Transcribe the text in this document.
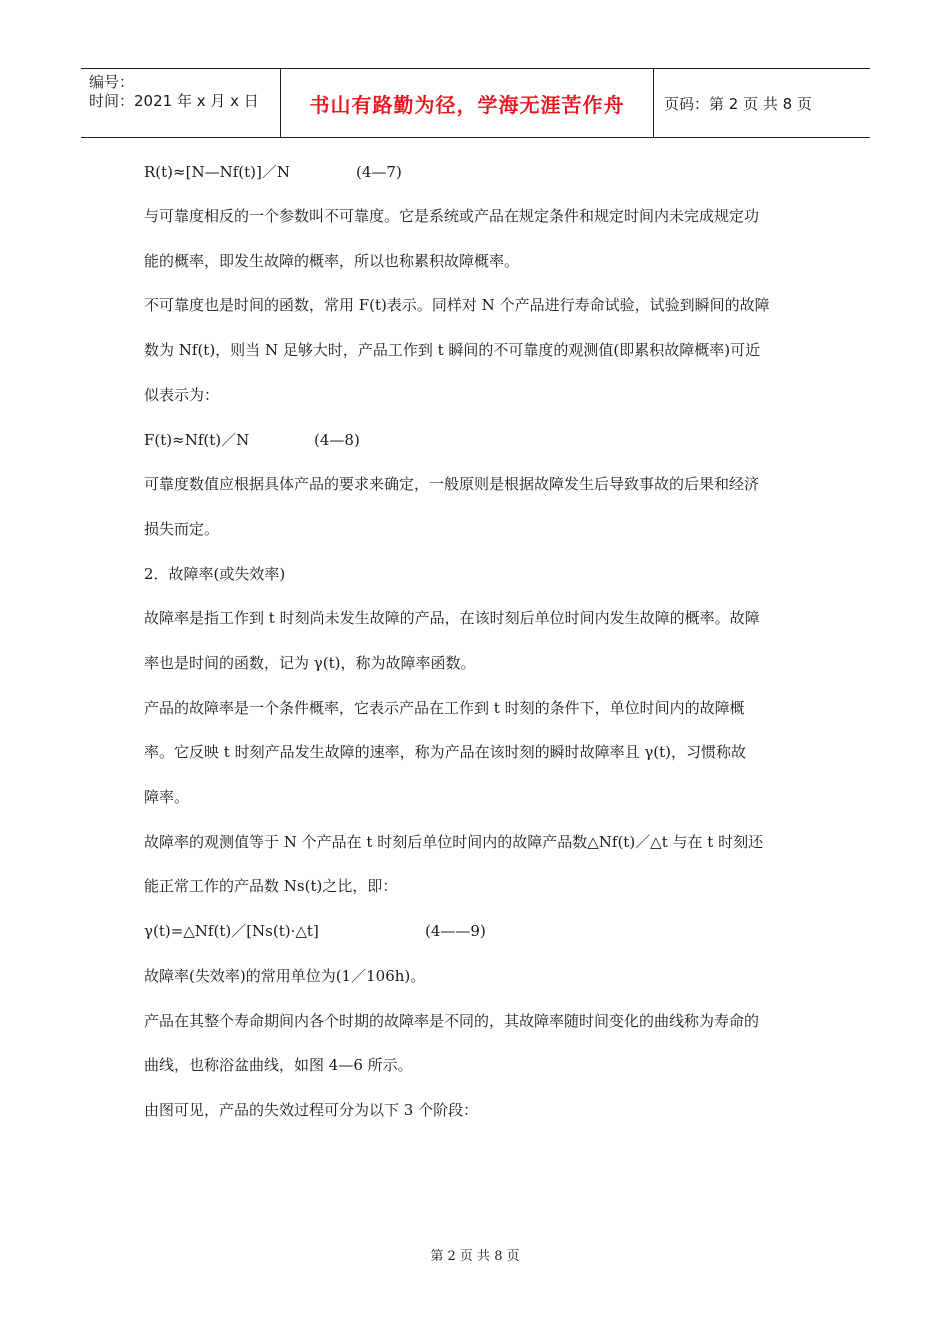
编号：
时间：2021 年 x 月 x 日	书山有路勤为径，学海无涯苦作舟	页码：第 2 页 共 8 页
R(t)≈[N—Nf(t)]／N	(4—7)
与可靠度相反的一个参数叫不可靠度。它是系统或产品在规定条件和规定时间内未完成规定功
能的概率，即发生故障的概率，所以也称累积故障概率。
不可靠度也是时间的函数，常用 F(t)表示。同样对 N 个产品进行寿命试验，试验到瞬间的故障
数为 Nf(t)，则当 N 足够大时，产品工作到 t 瞬间的不可靠度的观测值(即累积故障概率)可近
似表示为：
F(t)≈Nf(t)／N	(4—8)
可靠度数值应根据具体产品的要求来确定，一般原则是根据故障发生后导致事故的后果和经济
损失而定。
2．故障率(或失效率)
故障率是指工作到 t 时刻尚未发生故障的产品，在该时刻后单位时间内发生故障的概率。故障
率也是时间的函数，记为 γ(t)，称为故障率函数。
产品的故障率是一个条件概率，它表示产品在工作到 t 时刻的条件下，单位时间内的故障概
率。它反映 t 时刻产品发生故障的速率，称为产品在该时刻的瞬时故障率且 γ(t)，习惯称故
障率。
故障率的观测值等于 N 个产品在 t 时刻后单位时间内的故障产品数△Nf(t)／△t 与在 t 时刻还
能正常工作的产品数 Ns(t)之比，即：
γ(t)=△Nf(t)／[Ns(t)·△t]	(4——9)
故障率(失效率)的常用单位为(1／106h)。
产品在其整个寿命期间内各个时期的故障率是不同的，其故障率随时间变化的曲线称为寿命的
曲线，也称浴盆曲线，如图 4—6 所示。
由图可见，产品的失效过程可分为以下 3 个阶段：
第 2 页 共 8 页
